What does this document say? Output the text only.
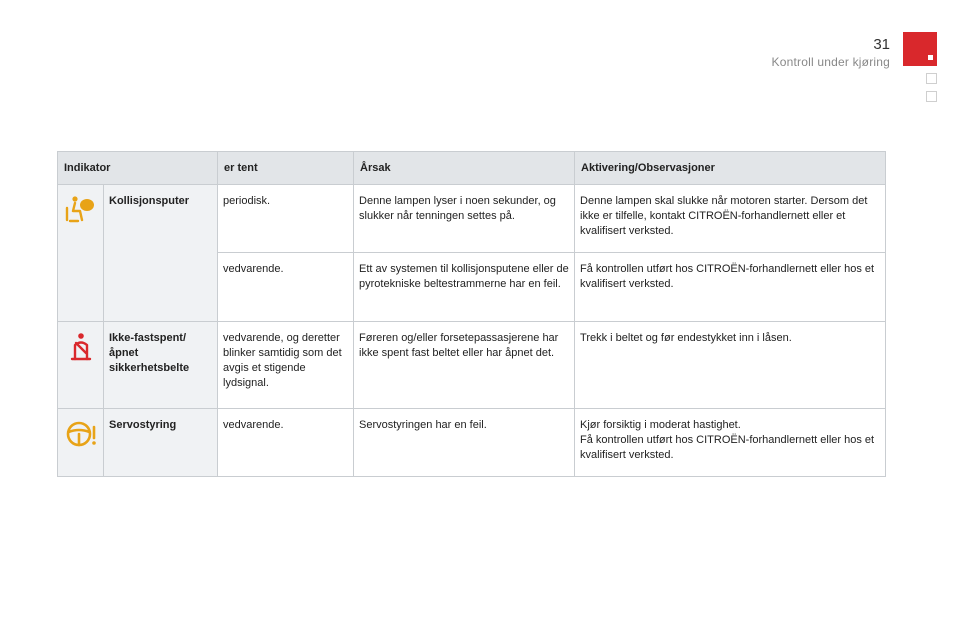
31
Kontroll under kjøring
Indikator		er tent	Årsak	Aktivering/Observasjoner
	Kollisjonsputer	periodisk.	Denne lampen lyser i noen sekunder, og slukker når tenningen settes på.	Denne lampen skal slukke når motoren starter. Dersom det ikke er tilfelle, kontakt CITROËN-forhandlernett eller et kvalifisert verksted.
		vedvarende.	Ett av systemen til kollisjonsputene eller de pyrotekniske beltestrammerne har en feil.	Få kontrollen utført hos CITROËN-forhandlernett eller hos et kvalifisert verksted.
	Ikke-fastspent/ åpnet sikkerhetsbelte	vedvarende, og deretter blinker samtidig som det avgis et stigende lydsignal.	Føreren og/eller forsetepassasjerene har ikke spent fast beltet eller har åpnet det.	Trekk i beltet og før endestykket inn i låsen.
	Servostyring	vedvarende.	Servostyringen har en feil.	Kjør forsiktig i moderat hastighet.
Få kontrollen utført hos CITROËN-forhandlernett eller hos et kvalifisert verksted.
